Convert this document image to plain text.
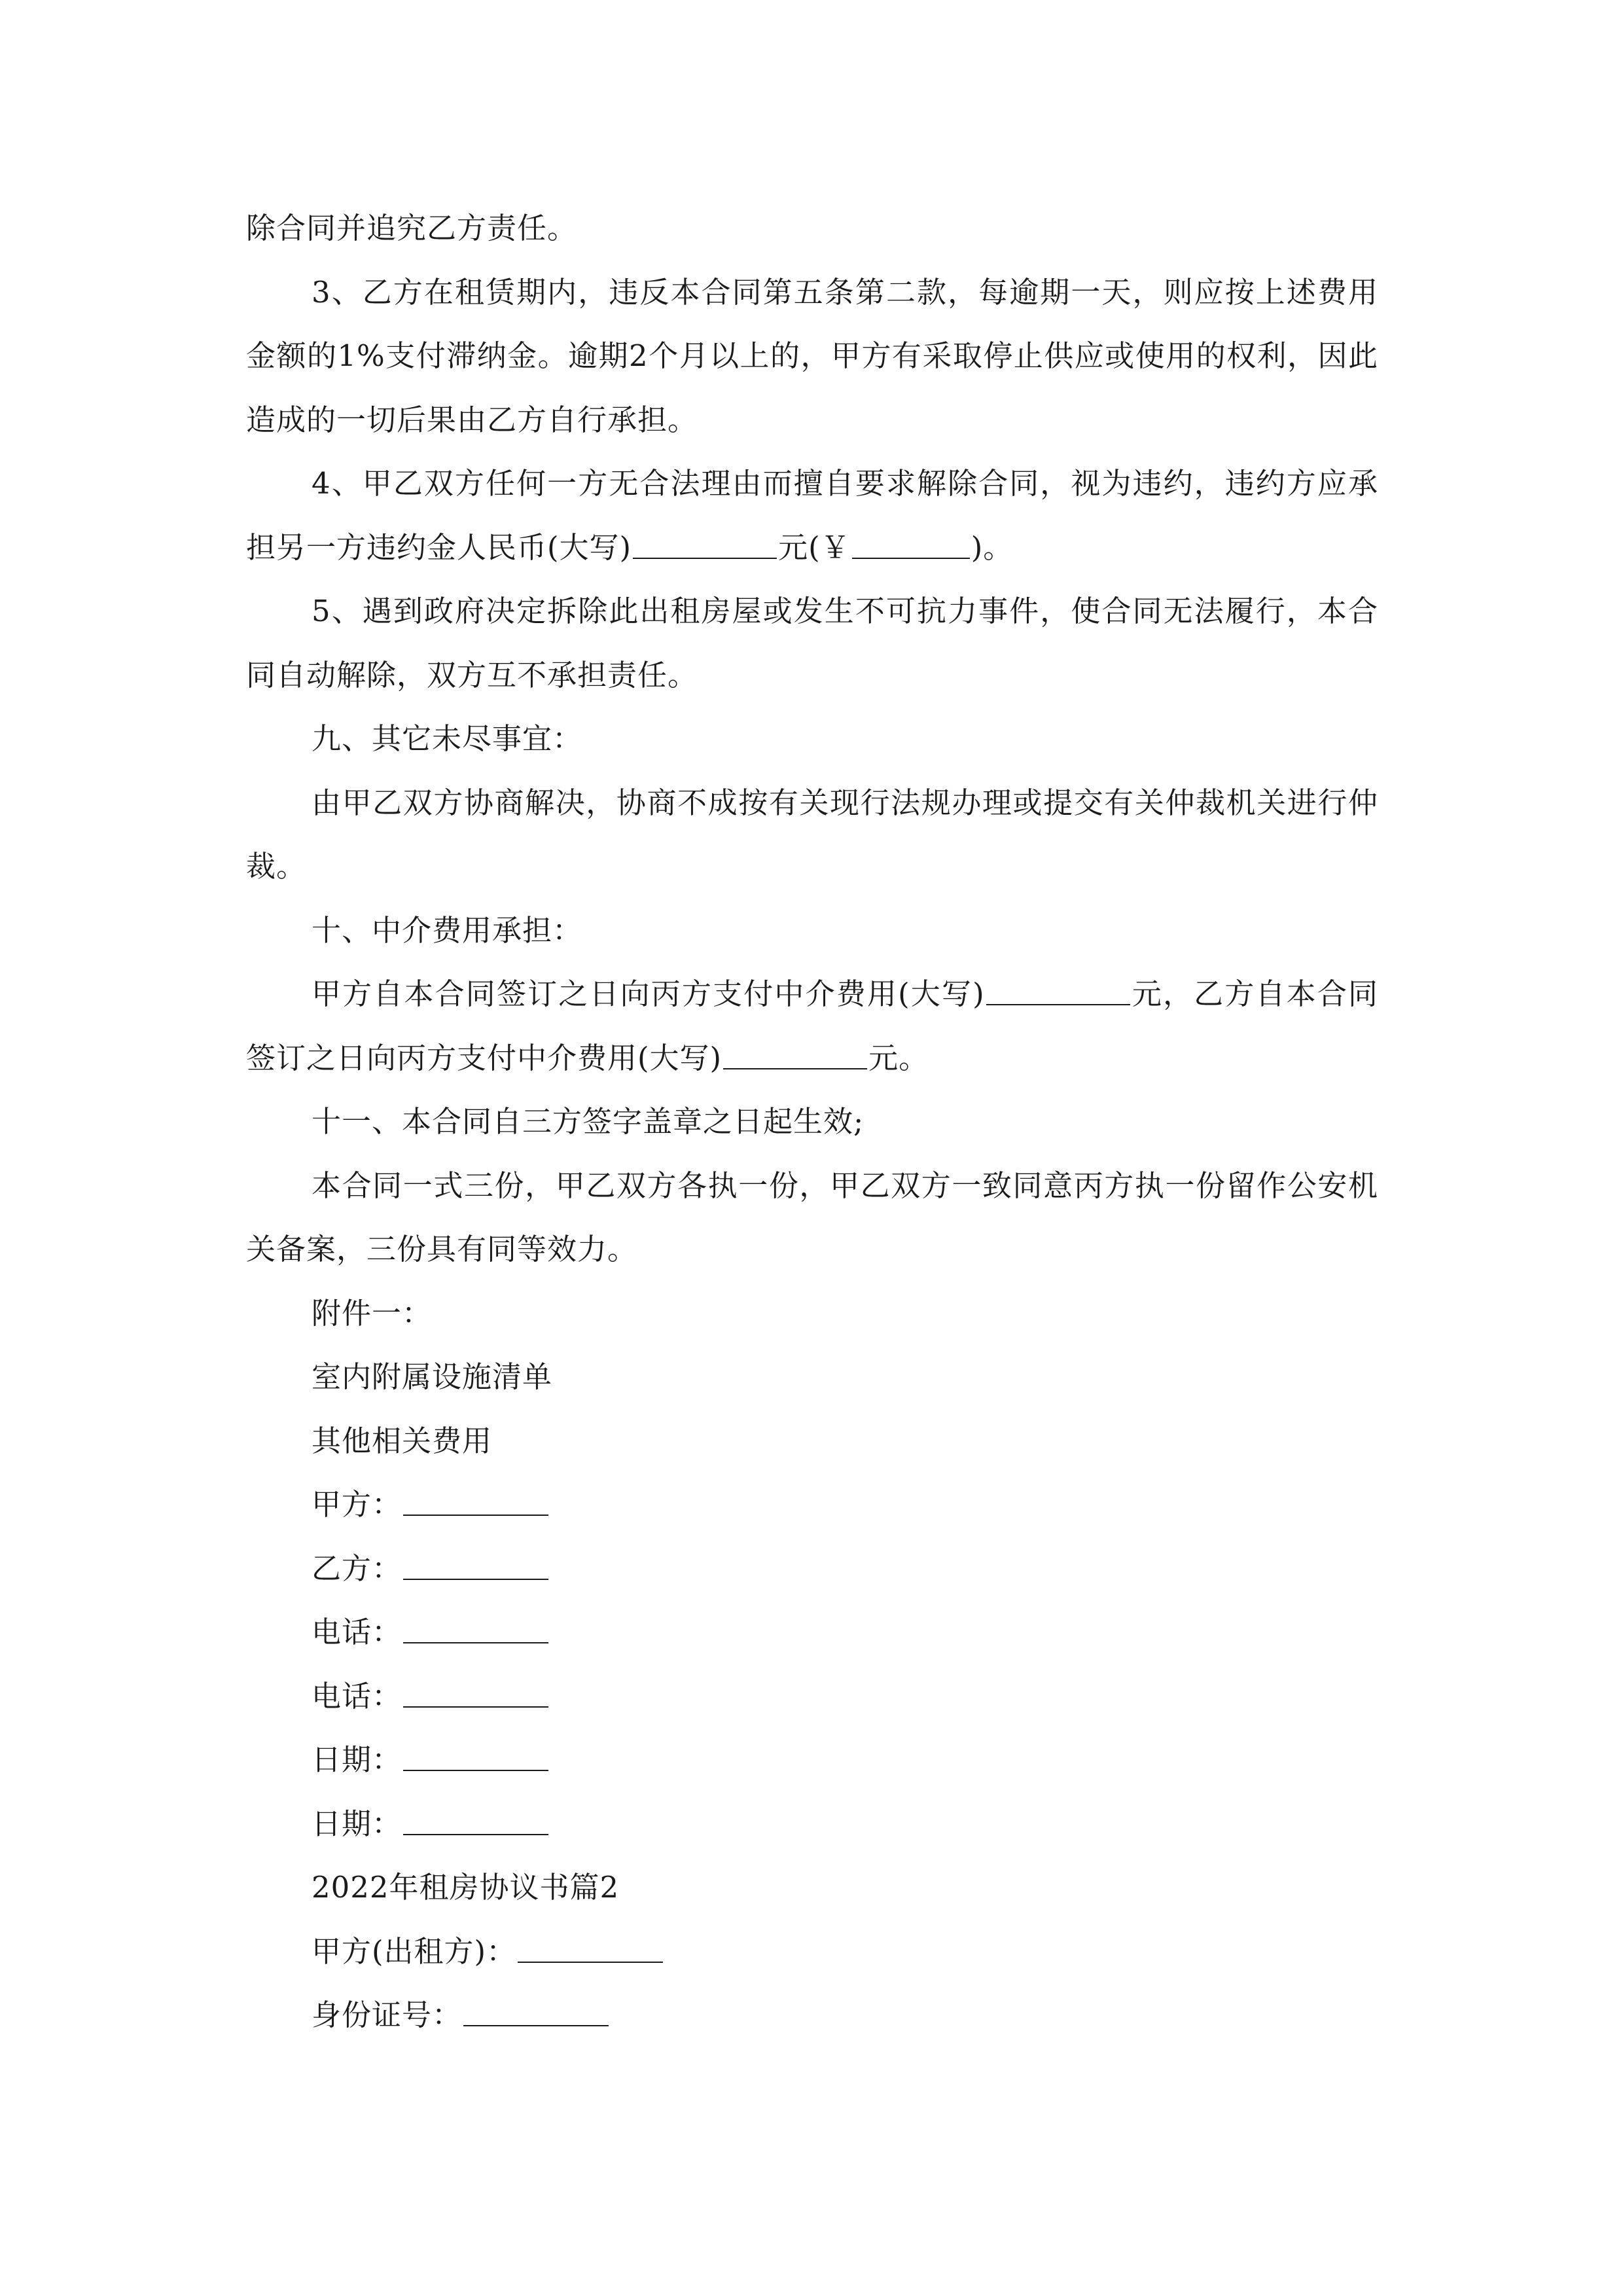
除合同并追究乙方责任。

3、乙方在租赁期内，违反本合同第五条第二款，每逾期一天，则应按上述费用金额的1%支付滞纳金。逾期2个月以上的，甲方有采取停止供应或使用的权利，因此造成的一切后果由乙方自行承担。

4、甲乙双方任何一方无合法理由而擅自要求解除合同，视为违约，违约方应承担另一方违约金人民币(大写)	元(￥	)。

5、遇到政府决定拆除此出租房屋或发生不可抗力事件，使合同无法履行，本合同自动解除，双方互不承担责任。

九、其它未尽事宜：

由甲乙双方协商解决，协商不成按有关现行法规办理或提交有关仲裁机关进行仲裁。

十、中介费用承担：

甲方自本合同签订之日向丙方支付中介费用(大写)	元，乙方自本合同签订之日向丙方支付中介费用(大写)	元。

十一、本合同自三方签字盖章之日起生效;

本合同一式三份，甲乙双方各执一份，甲乙双方一致同意丙方执一份留作公安机关备案，三份具有同等效力。

附件一：

室内附属设施清单

其他相关费用

甲方：

乙方：

电话：

电话：

日期：

日期：

2022年租房协议书篇2

甲方(出租方)：

身份证号：
